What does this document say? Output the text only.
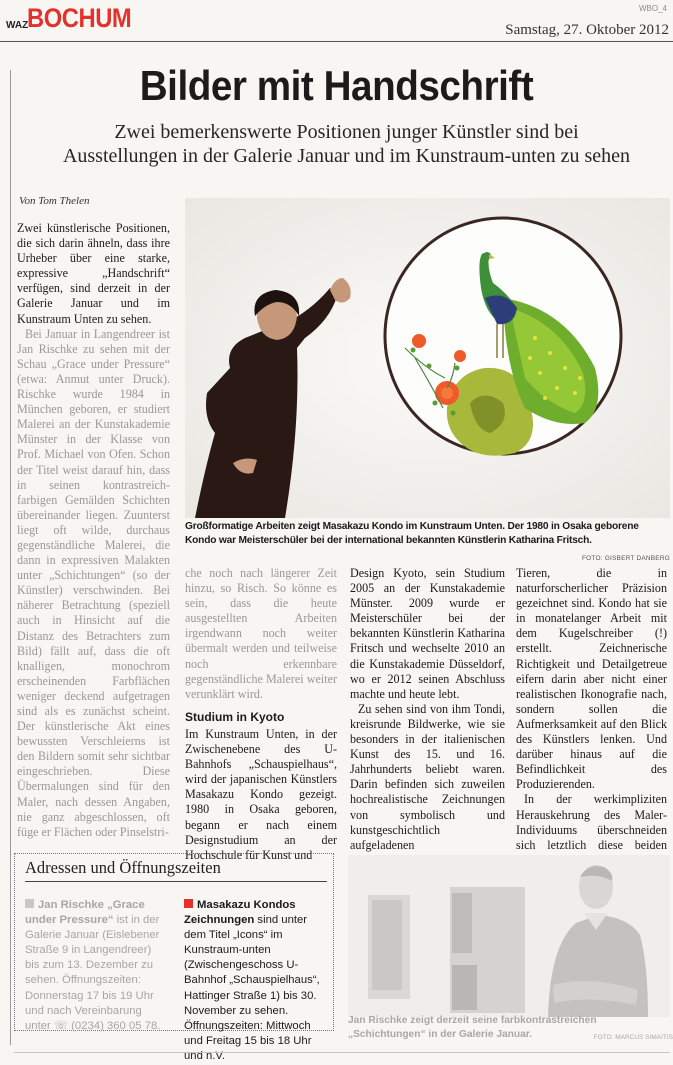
WAZ
BOCHUM	WBO_4
Samstag, 27. Oktober 2012
Bilder mit Handschrift
Zwei bemerkenswerte Positionen junger Künstler sind bei
Ausstellungen in der Galerie Januar und im Kunstraum-unten zu sehen
Von Tom Thelen

Zwei künstlerische Positionen, die sich darin ähneln, dass ihre Urheber über eine starke, expressive „Handschrift“ verfügen, sind derzeit in der Galerie Januar und im Kunstraum Unten zu sehen.

Bei Januar in Langendreer ist Jan Rischke zu sehen mit der Schau „Grace under Pressure“ (etwa: Anmut unter Druck). Rischke wurde 1984 in München geboren, er studiert Malerei an der Kunstakademie Münster in der Klasse von Prof. Michael von Ofen. Schon der Titel weist darauf hin, dass in seinen kontrastreich-farbigen Gemälden Schichten übereinander liegen. Zuunterst liegt oft wilde, durchaus gegenständliche Malerei, die dann in expressiven Malakten unter „Schichtungen“ (so der Künstler) verschwinden. Bei näherer Betrachtung (speziell auch in Hinsicht auf die Distanz des Betrachters zum Bild) fällt auf, dass die oft knalligen, monochrom erscheinenden Farbflächen weniger deckend aufgetragen sind als es zunächst scheint. Der künstlerische Akt eines bewussten Verschleierns ist den Bildern somit sehr sichtbar eingeschrieben. Diese Übermalungen sind für den Maler, nach dessen Angaben, nie ganz abgeschlossen, oft füge er Flächen oder Pinselstri-

Großformatige Arbeiten zeigt Masakazu Kondo im Kunstraum Unten. Der 1980 in Osaka geborene Kondo war Meisterschüler bei der international bekannten Künstlerin Katharina Fritsch.
FOTO: GISBERT DANBERG

che noch nach längerer Zeit hinzu, so Risch. So könne es sein, dass die heute ausgestellten Arbeiten irgendwann noch weiter übermalt werden und teilweise noch erkennbare gegenständliche Malerei weiter verunklärt wird.

Studium in Kyoto

Im Kunstraum Unten, in der Zwischenebene des U-Bahnhofs „Schauspielhaus“, wird der japanischen Künstlers Masakazu Kondo gezeigt. 1980 in Osaka geboren, begann er nach einem Designstudium an der Hochschule für Kunst und

Design Kyoto, sein Studium 2005 an der Kunstakademie Münster. 2009 wurde er Meisterschüler bei der bekannten Künstlerin Katharina Fritsch und wechselte 2010 an die Kunstakademie Düsseldorf, wo er 2012 seinen Abschluss machte und heute lebt.

Zu sehen sind von ihm Tondi, kreisrunde Bildwerke, wie sie besonders in der italienischen Kunst des 15. und 16. Jahrhunderts beliebt waren. Darin befinden sich zuweilen hochrealistische Zeichnungen von symbolisch und kunstgeschichtlich aufgeladenen

Tieren, die in naturforscherlicher Präzision gezeichnet sind. Kondo hat sie in monatelanger Arbeit mit dem Kugelschreiber (!) erstellt. Zeichnerische Richtigkeit und Detailgetreue eifern darin aber nicht einer realistischen Ikonografie nach, sondern sollen die Aufmerksamkeit auf den Blick des Künstlers lenken. Und darüber hinaus auf die Befindlichkeit des Produzierenden.

In der werkimpliziten Herauskehrung des Maler-Individuums überschneiden sich letztlich diese beiden

Adressen und Öffnungszeiten
Jan Rischke „Grace under Pressure“ ist in der Galerie Januar (Eislebener Straße 9 in Langendreer) bis zum 13. Dezember zu sehen. Öffnungszeiten: Donnerstag 17 bis 19 Uhr und nach Vereinbarung unter ☏ (0234) 360 05 78.
Masakazu Kondos Zeichnungen sind unter dem Titel „Icons“ im Kunstraum-unten (Zwischengeschoss U-Bahnhof „Schauspielhaus“, Hattinger Straße 1) bis 30. November zu sehen. Öffnungszeiten: Mittwoch und Freitag 15 bis 18 Uhr und n.V.
Jan Rischke zeigt derzeit seine farbkontrastreichen „Schichtungen“ in der Galerie Januar.	FOTO: MARCUS SIMAITIS
